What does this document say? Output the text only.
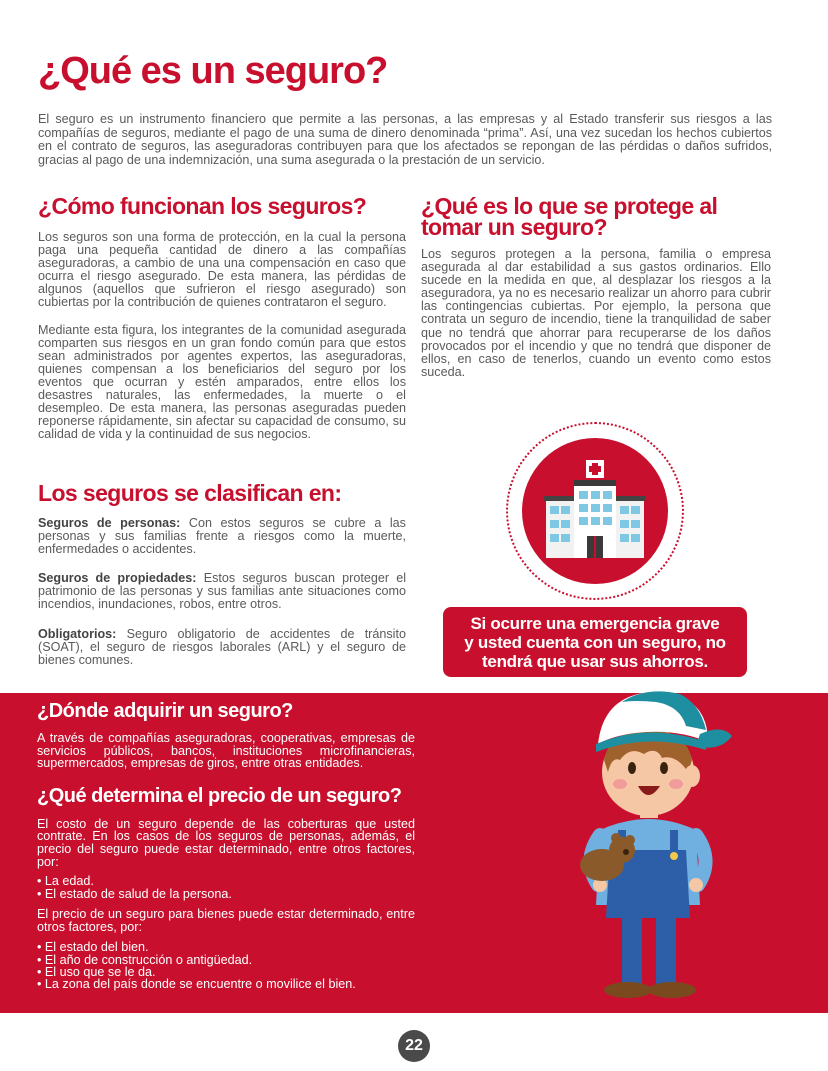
¿Qué es un seguro?
El seguro es un instrumento financiero que permite a las personas, a las empresas y al Estado transferir sus riesgos a las compañías de seguros, mediante el pago de una suma de dinero denominada “prima”. Así, una vez sucedan los hechos cubiertos en el contrato de seguros, las aseguradoras contribuyen para que los afectados se repongan de las pérdidas o daños sufridos, gracias al pago de una indemnización, una suma asegurada o la prestación de un servicio.
¿Cómo funcionan los seguros?

Los seguros son una forma de protección, en la cual la persona paga una pequeña cantidad de dinero a las compañías aseguradoras, a cambio de una una compensación en caso que ocurra el riesgo asegurado. De esta manera, las pérdidas de algunos (aquellos que sufrieron el riesgo asegurado) son cubiertas por la contribución de quienes contrataron el seguro.

Mediante esta figura, los integrantes de la comunidad asegurada comparten sus riesgos en un gran fondo común para que estos sean administrados por agentes expertos, las aseguradoras, quienes compensan a los beneficiarios del seguro por los eventos que ocurran y estén amparados, entre ellos los desastres naturales, las enfermedades, la muerte o el desempleo. De esta manera, las personas aseguradas pueden reponerse rápidamente, sin afectar su capacidad de consumo, su calidad de vida y la continuidad de sus negocios.

¿Qué es lo que se protege al tomar un seguro?

Los seguros protegen a la persona, familia o empresa asegurada al dar estabilidad a sus gastos ordinarios. Ello sucede en la medida en que, al desplazar los riesgos a la aseguradora, ya no es necesario realizar un ahorro para cubrir las contingencias cubiertas. Por ejemplo, la persona que contrata un seguro de incendio, tiene la tranquilidad de saber que no tendrá que ahorrar para recuperarse de los daños provocados por el incendio y que no tendrá que disponer de ellos, en caso de tenerlos, cuando un evento como estos suceda.

Los seguros se clasifican en:

Seguros de personas: Con estos seguros se cubre a las personas y sus familias frente a riesgos como la muerte, enfermedades o accidentes.

Seguros de propiedades: Estos seguros buscan proteger el patrimonio de las personas y sus familias ante situaciones como incendios, inundaciones, robos, entre otros.

Obligatorios: Seguro obligatorio de accidentes de tránsito (SOAT), el seguro de riesgos laborales (ARL) y el seguro de bienes comunes.

Si ocurre una emergencia grave
y usted cuenta con un seguro, no
tendrá que usar sus ahorros.
¿Dónde adquirir un seguro?

A través de compañías aseguradoras, cooperativas, empresas de servicios públicos, bancos, instituciones microfinancieras, supermercados, empresas de giros, entre otras entidades.

¿Qué determina el precio de un seguro?

El costo de un seguro depende de las coberturas que usted contrate. En los casos de los seguros de personas, además, el precio del seguro puede estar determinado, entre otros factores, por:

• La edad.
• El estado de salud de la persona.

El precio de un seguro para bienes puede estar determinado, entre otros factores, por:

• El estado del bien.
• El año de construcción o antigüedad.
• El uso que se le da.
• La zona del país donde se encuentre o movilice el bien.
22
